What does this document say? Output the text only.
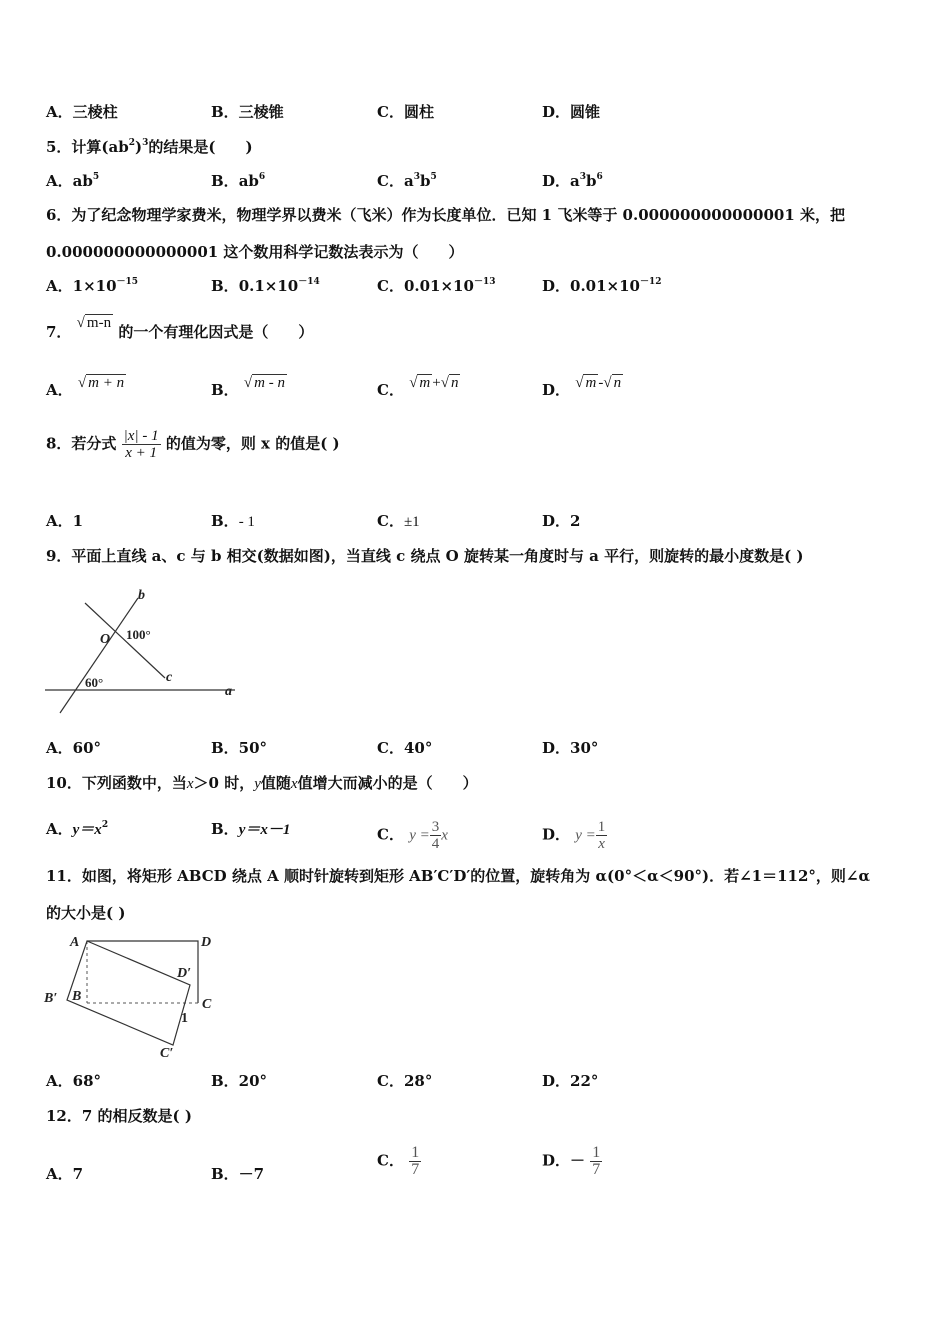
A．三棱柱	B．三棱锥	C．圆柱	D．圆锥
5．计算$(ab^2)^3$的结果是(　　)
A．$ab^5$	B．$ab^6$	C．$a^3b^5$	D．$a^3b^6$
6．为了纪念物理学家费米，物理学界以费米（飞米）作为长度单位．已知 1 飞米等于 0.000000000000001 米，把
0.000000000000001 这个数用科学记数法表示为（　　）
A．$1\times 10^{-15}$	B．$0.1\times 10^{-14}$	C．$0.01\times 10^{-13}$	D．$0.01\times 10^{-12}$
7． √ m-n 的一个有理化因式是（　　）
A． √ m + n	B． √ m - n	C． √ m +√ n	D． √ m -√ n
8．若分式 $\frac{|x| - 1}{x + 1}$ 的值为零，则 x 的值是( )
A．1	B．- 1	C．±1	D．2
9．平面上直线 a、c 与 b 相交(数据如图)，当直线 c 绕点 O 旋转某一角度时与 a 平行，则旋转的最小度数是( )
b
O 100°
c
60°
a
A．60°	B．50°	C．40°	D．30°
10．下列函数中，当x＞0 时，y值随x值增大而减小的是（　　）
A．$y=x^2$	B．y＝x－1	C． $y = \frac{3}{4}$ x	D． $y = \frac{1}{x}$
11．如图，将矩形 ABCD 绕点 A 顺时针旋转到矩形 AB′C′D′的位置，旋转角为 α(0°＜α＜90°)．若∠1＝112°，则∠α
的大小是( )
A	D
D′
B′ B
C
1
C′
A．68°	B．20°	C．28°	D．22°
12．7 的相反数是( )
A．7	B．－7
C． $\frac{1}{7}$	D．－ $\frac{1}{7}$
